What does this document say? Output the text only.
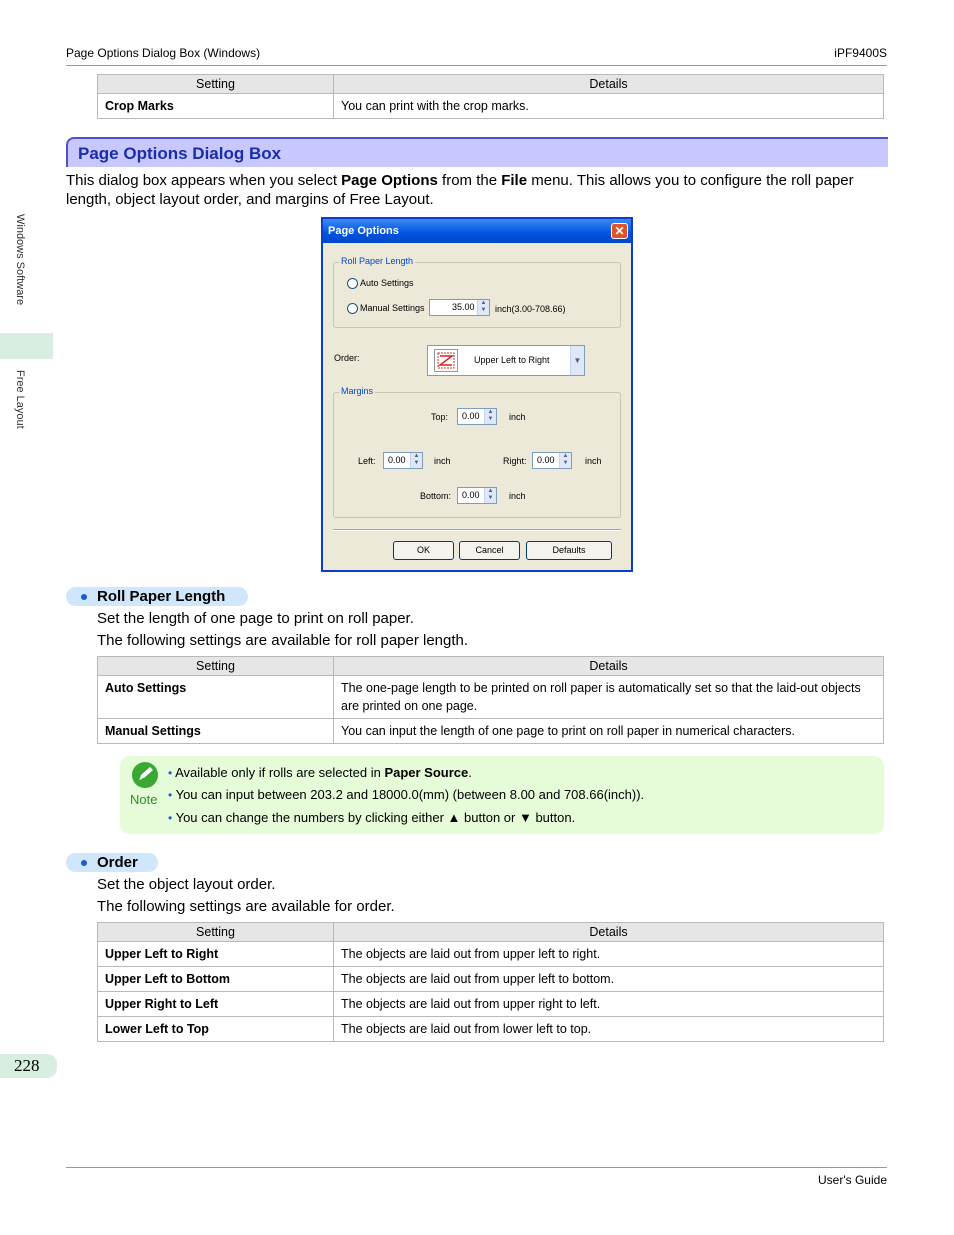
Page Options Dialog Box (Windows)	iPF9400S
Windows Software
Free Layout
Setting	Details
Crop Marks	You can print with the crop marks.
Page Options Dialog Box
This dialog box appears when you select Page Options from the File menu. This allows you to configure the roll paper length, object layout order, and margins of Free Layout.
Page Options	✕
Roll Paper Length
Auto Settings
Manual Settings	35.00 ▲
▼ inch(3.00-708.66)
Order:	Upper Left to Right	▼
Margins
Top: 0.00	▲
▼ inch
Left: 0.00	▲
▼ inch	Right: 0.00	▲
▼ inch
Bottom: 0.00	▲
▼ inch
OK	Cancel	Defaults
Roll Paper Length
Set the length of one page to print on roll paper.
The following settings are available for roll paper length.
Setting	Details
Auto Settings	The one-page length to be printed on roll paper is automatically set so that the laid-out objects are printed on one page.
Manual Settings	You can input the length of one page to print on roll paper in numerical characters.
Note
• Available only if rolls are selected in Paper Source.
• You can input between 203.2 and 18000.0(mm) (between 8.00 and 708.66(inch)).
• You can change the numbers by clicking either ▲ button or ▼ button.
Order
Set the object layout order.
The following settings are available for order.
Setting	Details
Upper Left to Right	The objects are laid out from upper left to right.
Upper Left to Bottom	The objects are laid out from upper left to bottom.
Upper Right to Left	The objects are laid out from upper right to left.
Lower Left to Top	The objects are laid out from lower left to top.
228
User's Guide
